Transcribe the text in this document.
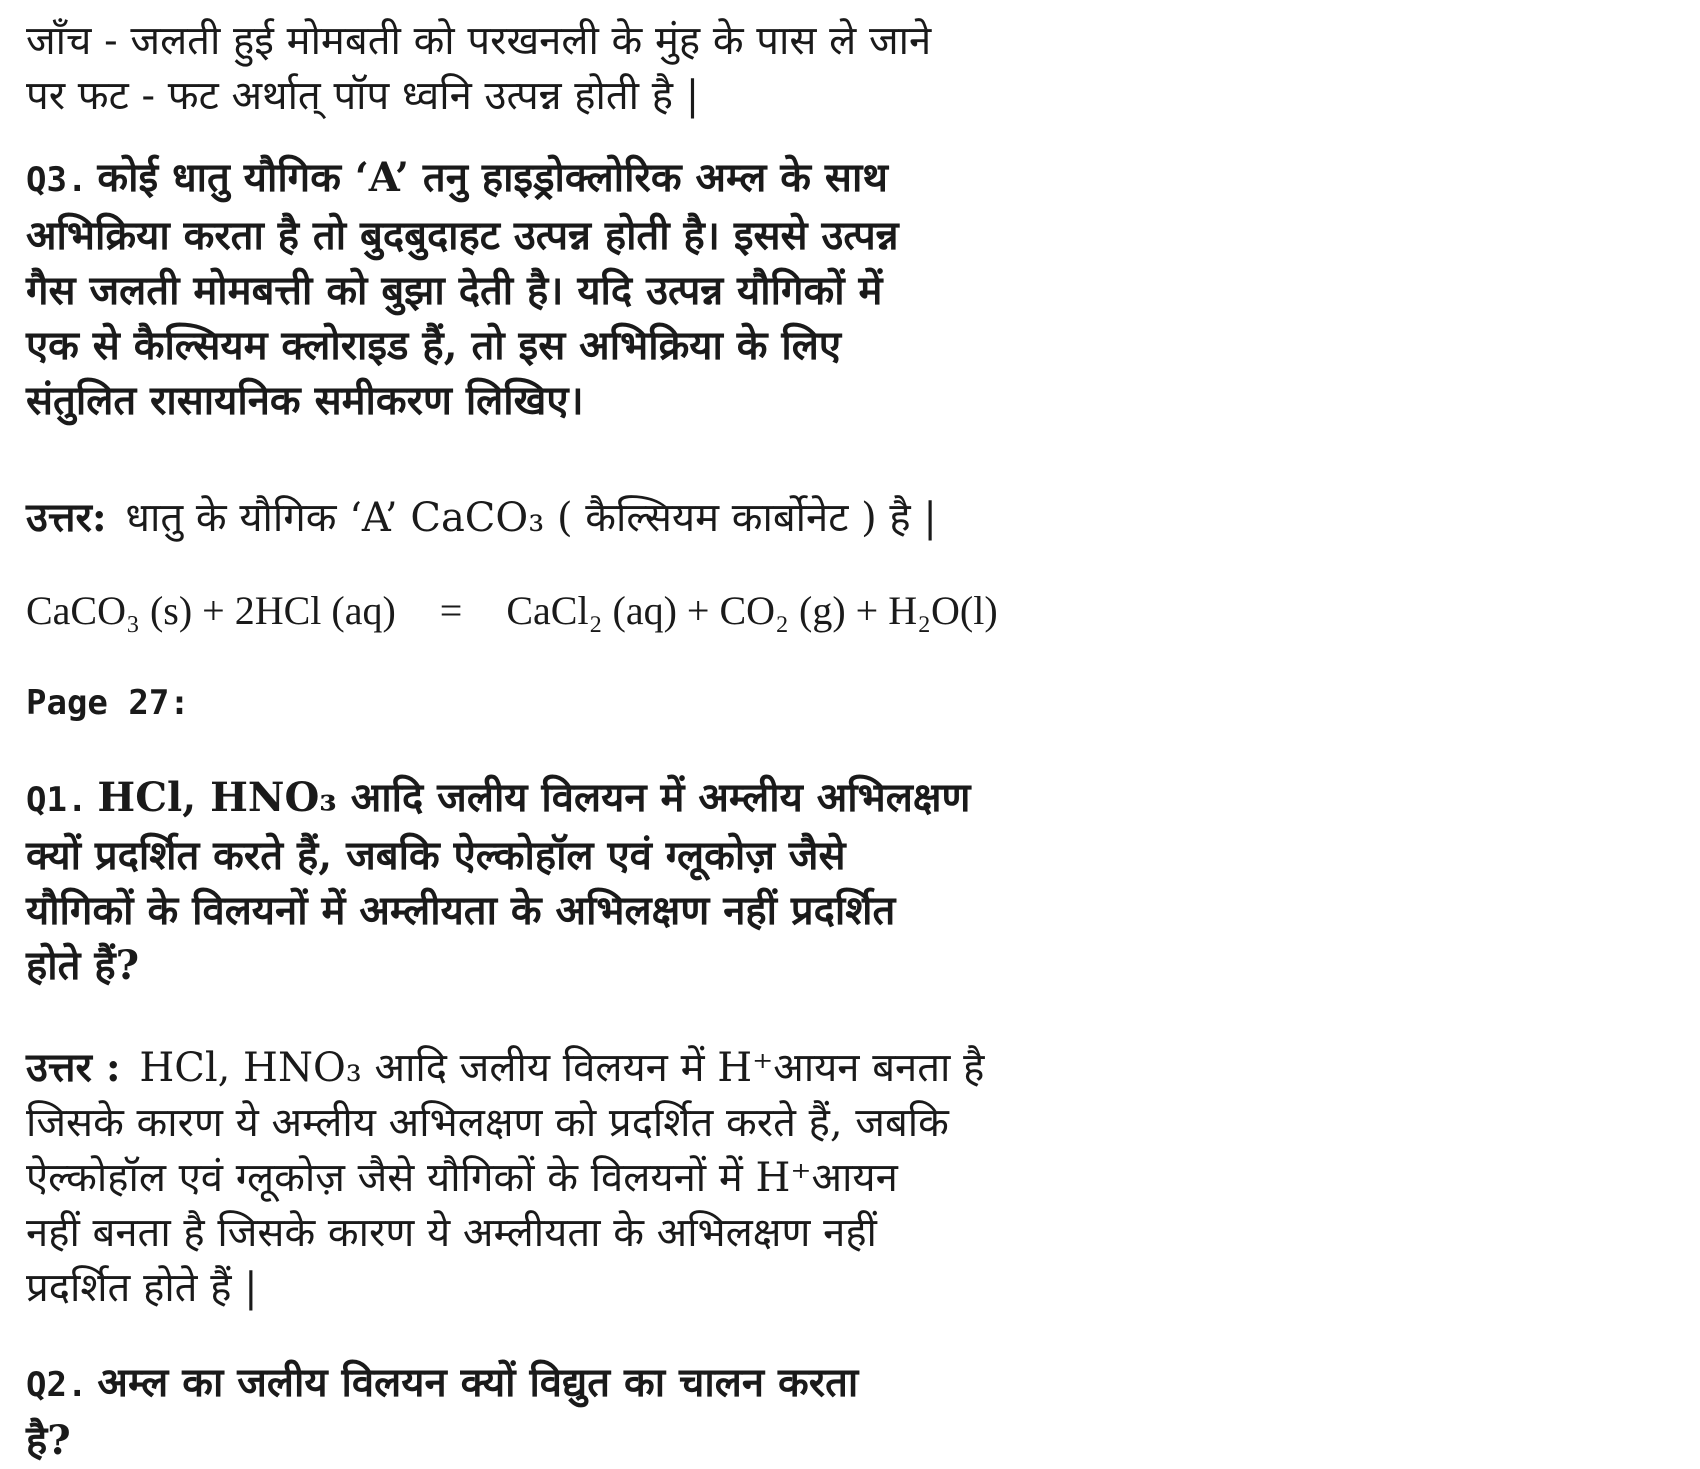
जाँच - जलती हुई मोमबती को परखनली के मुंह के पास ले जाने
पर फट - फट अर्थात् पॉप ध्वनि उत्पन्न होती है |
Q3. कोई धातु यौगिक ‘A’ तनु हाइड्रोक्लोरिक अम्ल के साथ
अभिक्रिया करता है तो बुदबुदाहट उत्पन्न होती है। इससे उत्पन्न
गैस जलती मोमबत्ती को बुझा देती है। यदि उत्पन्न यौगिकों में
एक से कैल्सियम क्लोराइड हैं, तो इस अभिक्रिया के लिए
संतुलित रासायनिक समीकरण लिखिए।
उत्तर: धातु के यौगिक ‘A’ CaCO₃ ( कैल्सियम कार्बोनेट ) है |
CaCO₃ (s) + 2HCl (aq) = CaCl₂ (aq) + CO₂ (g) + H₂O(l)
Page 27:
Q1. HCl, HNO₃ आदि जलीय विलयन में अम्लीय अभिलक्षण
क्यों प्रदर्शित करते हैं, जबकि ऐल्कोहॉल एवं ग्लूकोज़ जैसे
यौगिकों के विलयनों में अम्लीयता के अभिलक्षण नहीं प्रदर्शित
होते हैं?
उत्तर : HCl, HNO₃ आदि जलीय विलयन में H⁺आयन बनता है
जिसके कारण ये अम्लीय अभिलक्षण को प्रदर्शित करते हैं, जबकि
ऐल्कोहॉल एवं ग्लूकोज़ जैसे यौगिकों के विलयनों में H⁺आयन
नहीं बनता है जिसके कारण ये अम्लीयता के अभिलक्षण नहीं
प्रदर्शित होते हैं |
Q2. अम्ल का जलीय विलयन क्यों विद्युत का चालन करता
है?
